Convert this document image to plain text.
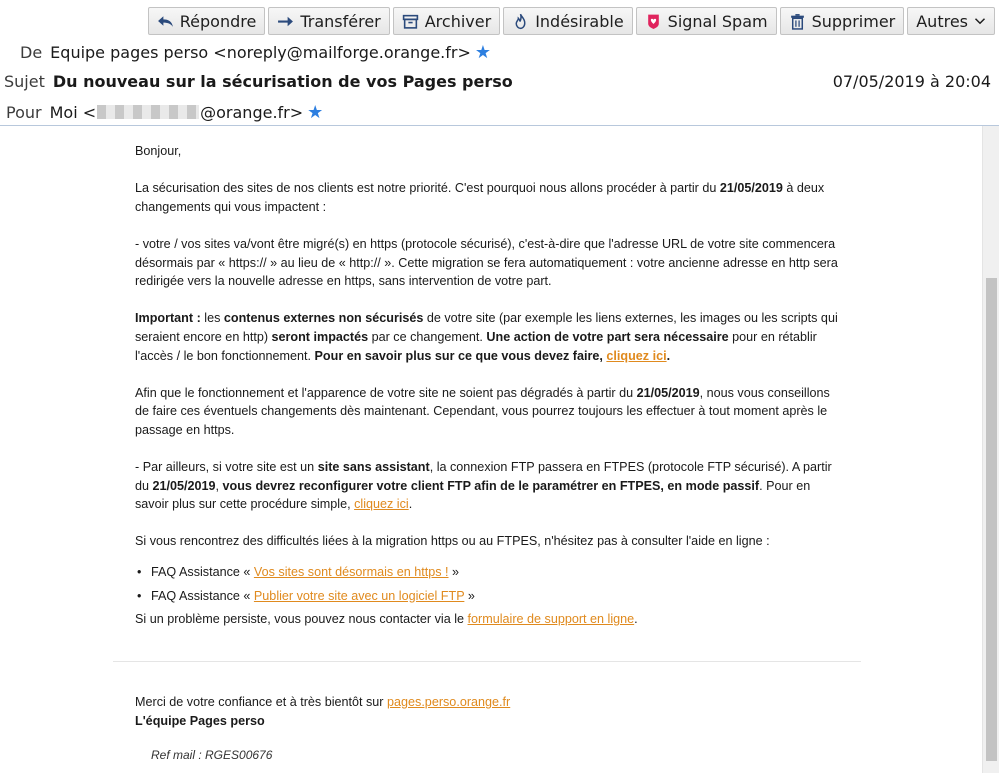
Répondre	Transférer	Archiver	Indésirable	Signal Spam	Supprimer Autres
De Equipe pages perso <noreply@mailforge.orange.fr> ★
Sujet Du nouveau sur la sécurisation de vos Pages perso	07/05/2019 à 20:04
Pour Moi <	@orange.fr> ★

Bonjour,

La sécurisation des sites de nos clients est notre priorité. C'est pourquoi nous allons procéder à partir du 21/05/2019 à deux changements qui vous impactent :

- votre / vos sites va/vont être migré(s) en https (protocole sécurisé), c'est-à-dire que l'adresse URL de votre site commencera désormais par « https:// » au lieu de « http:// ». Cette migration se fera automatiquement : votre ancienne adresse en http sera redirigée vers la nouvelle adresse en https, sans intervention de votre part.

Important : les contenus externes non sécurisés de votre site (par exemple les liens externes, les images ou les scripts qui seraient encore en http) seront impactés par ce changement. Une action de votre part sera nécessaire pour en rétablir l'accès / le bon fonctionnement. Pour en savoir plus sur ce que vous devez faire, cliquez ici.

Afin que le fonctionnement et l'apparence de votre site ne soient pas dégradés à partir du 21/05/2019, nous vous conseillons de faire ces éventuels changements dès maintenant. Cependant, vous pourrez toujours les effectuer à tout moment après le passage en https.

- Par ailleurs, si votre site est un site sans assistant, la connexion FTP passera en FTPES (protocole FTP sécurisé). A partir du 21/05/2019, vous devrez reconfigurer votre client FTP afin de le paramétrer en FTPES, en mode passif. Pour en savoir plus sur cette procédure simple, cliquez ici.

Si vous rencontrez des difficultés liées à la migration https ou au FTPES, n'hésitez pas à consulter l'aide en ligne :

• FAQ Assistance « Vos sites sont désormais en https ! »
• FAQ Assistance « Publier votre site avec un logiciel FTP »

Si un problème persiste, vous pouvez nous contacter via le formulaire de support en ligne.

Merci de votre confiance et à très bientôt sur pages.perso.orange.fr
L'équipe Pages perso
Ref mail : RGES00676
